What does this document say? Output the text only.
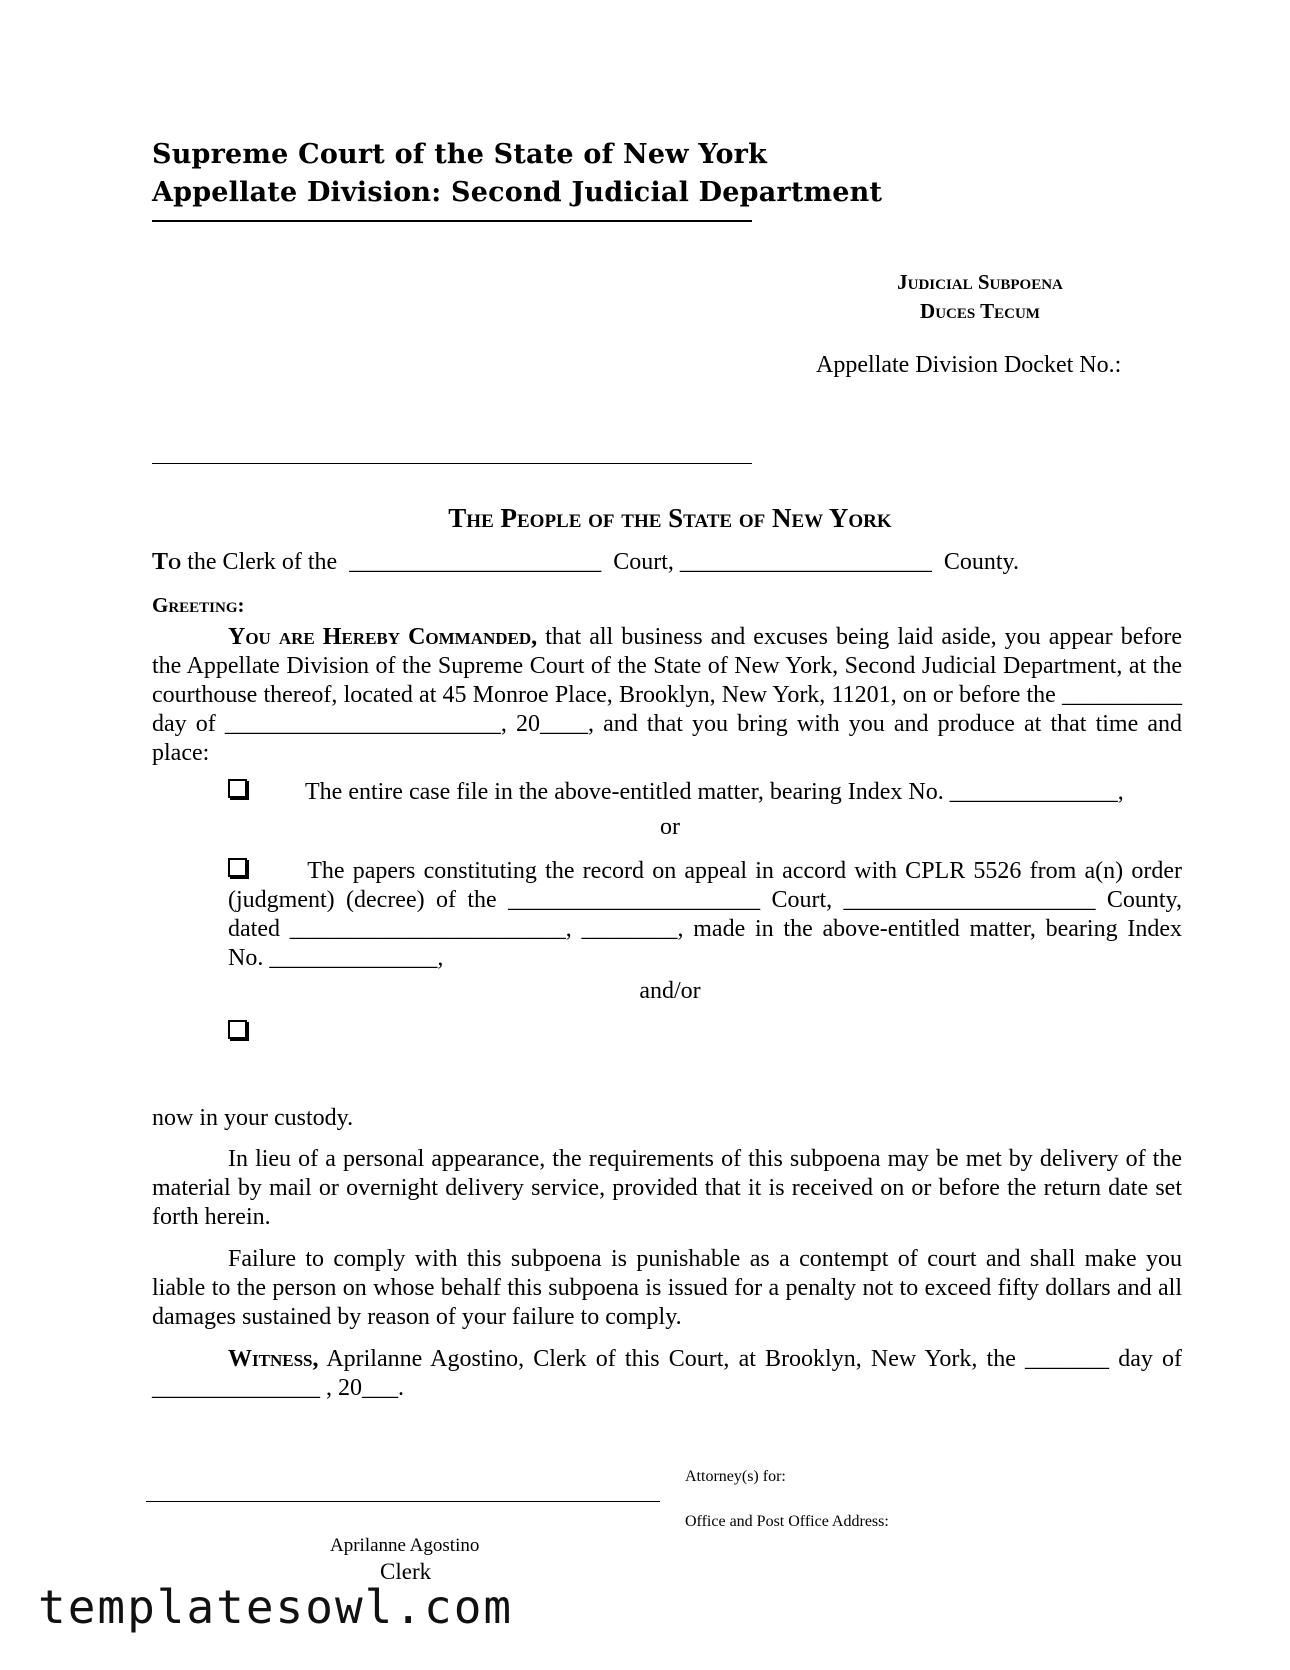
Supreme Court of the State of New York
Appellate Division: Second Judicial Department
Judicial Subpoena
Duces Tecum
Appellate Division Docket No.:
The People of the State of New York
To the Clerk of the  _____________________  Court, _____________________  County.
Greeting:
You are Hereby Commanded, that all business and excuses being laid aside, you appear before the Appellate Division of the Supreme Court of the State of New York, Second Judicial Department, at the courthouse thereof, located at 45 Monroe Place, Brooklyn, New York, 11201, on or before the __________ day of _______________________, 20____, and that you bring with you and produce at that time and place:
The entire case file in the above-entitled matter, bearing Index No. ______________,
or
The papers constituting the record on appeal in accord with CPLR 5526 from a(n) order (judgment) (decree) of the _____________________ Court, _____________________ County, dated _______________________, ________, made in the above-entitled matter, bearing Index No. ______________,
and/or
now in your custody.
In lieu of a personal appearance, the requirements of this subpoena may be met by delivery of the material by mail or overnight delivery service, provided that it is received on or before the return date set forth herein.
Failure to comply with this subpoena is punishable as a contempt of court and shall make you liable to the person on whose behalf this subpoena is issued for a penalty not to exceed fifty dollars and all damages sustained by reason of your failure to comply.
Witness, Aprilanne Agostino, Clerk of this Court, at Brooklyn, New York, the _______ day of ______________ , 20___.
Aprilanne Agostino
Clerk
Attorney(s) for:
Office and Post Office Address:
templatesowl.com
